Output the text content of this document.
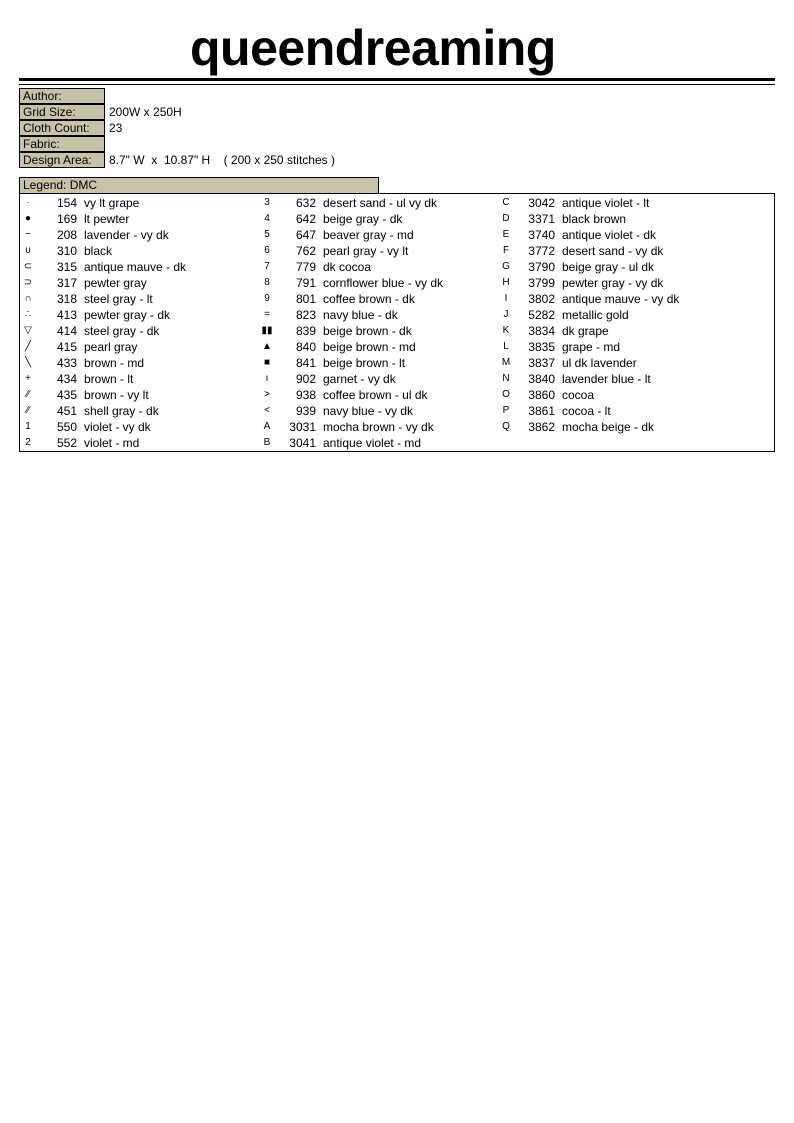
queendreaming
Author:
Grid Size:	200W x 250H
Cloth Count:	23
Fabric:
Design Area:	8.7" W  x  10.87" H    ( 200 x 250 stitches )
Legend: DMC
·	154 vy lt grape
●	169 lt pewter
−	208 lavender - vy dk
υ	310 black
⊂	315 antique mauve - dk
⊃	317 pewter gray
∩	318 steel gray - lt
∴	413 pewter gray - dk
▽	414 steel gray - dk
╱	415 pearl gray
╲	433 brown - md
+	434 brown - lt
⁄⁄	435 brown - vy lt
⁄⁄	451 shell gray - dk
1	550 violet - vy dk
2	552 violet - md
3	632 desert sand - ul vy dk
4	642 beige gray - dk
5	647 beaver gray - md
6	762 pearl gray - vy lt
7	779 dk cocoa
8	791 cornflower blue - vy dk
9	801 coffee brown - dk
=	823 navy blue - dk
▮▮	839 beige brown - dk
▲	840 beige brown - md
■	841 beige brown - lt
ı	902 garnet - vy dk
>	938 coffee brown - ul dk
<	939 navy blue - vy dk
A	3031 mocha brown - vy dk
B	3041 antique violet - md
C	3042 antique violet - lt
D	3371 black brown
E	3740 antique violet - dk
F	3772 desert sand - vy dk
G	3790 beige gray - ul dk
H	3799 pewter gray - vy dk
I	3802 antique mauve - vy dk
J	5282 metallic gold
K	3834 dk grape
L	3835 grape - md
M	3837 ul dk lavender
N	3840 lavender blue - lt
O	3860 cocoa
P	3861 cocoa - lt
Q	3862 mocha beige - dk
